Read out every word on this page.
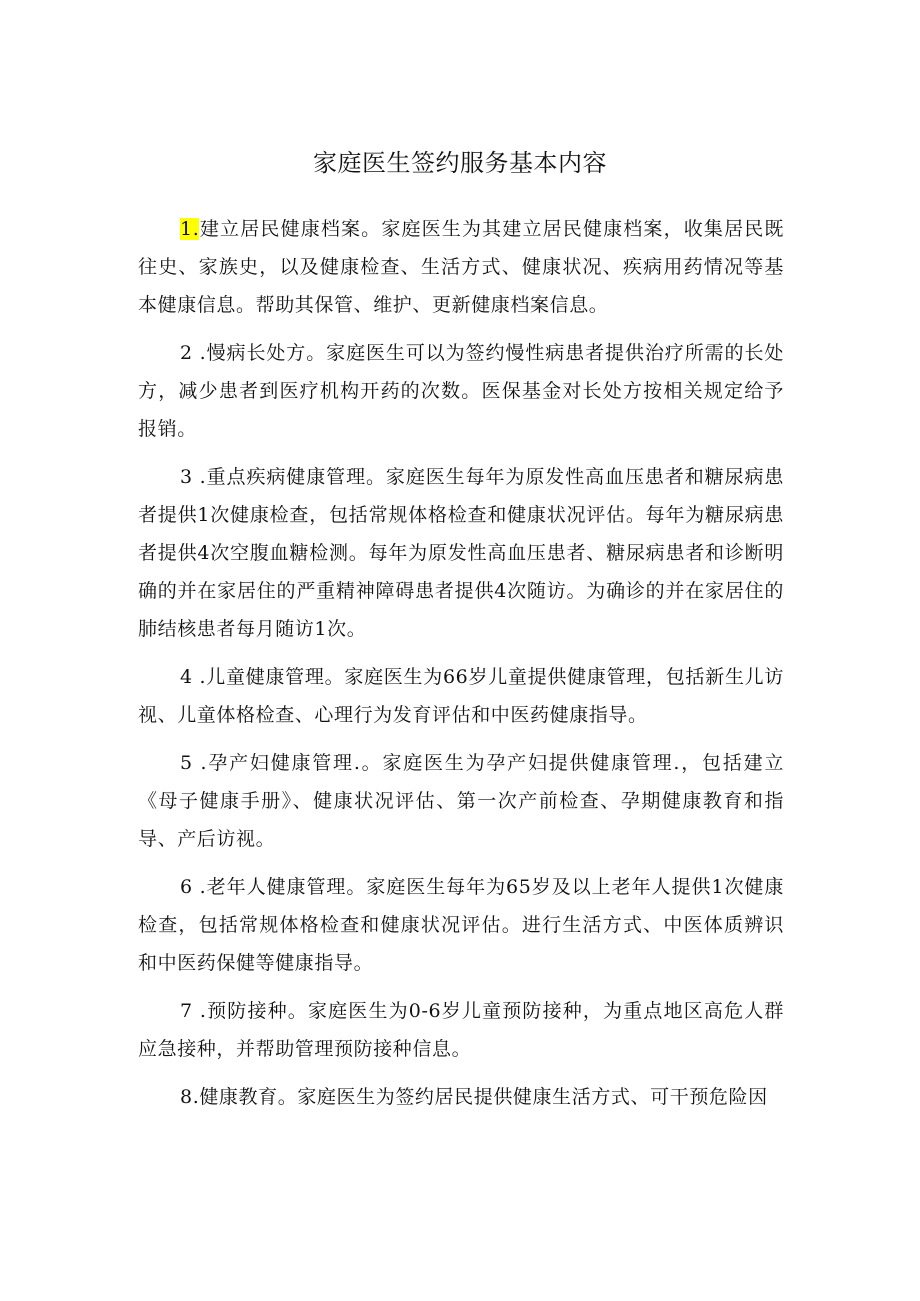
家庭医生签约服务基本内容

1.建立居民健康档案。家庭医生为其建立居民健康档案，收集居民既往史、家族史，以及健康检查、生活方式、健康状况、疾病用药情况等基本健康信息。帮助其保管、维护、更新健康档案信息。

2 .慢病长处方。家庭医生可以为签约慢性病患者提供治疗所需的长处方，减少患者到医疗机构开药的次数。医保基金对长处方按相关规定给予报销。

3 .重点疾病健康管理。家庭医生每年为原发性高血压患者和糖尿病患者提供1次健康检查，包括常规体格检查和健康状况评估。每年为糖尿病患者提供4次空腹血糖检测。每年为原发性高血压患者、糖尿病患者和诊断明确的并在家居住的严重精神障碍患者提供4次随访。为确诊的并在家居住的肺结核患者每月随访1次。

4 .儿童健康管理。家庭医生为66岁儿童提供健康管理，包括新生儿访视、儿童体格检查、心理行为发育评估和中医药健康指导。

5 .孕产妇健康管理.。家庭医生为孕产妇提供健康管理.，包括建立《母子健康手册》、健康状况评估、第一次产前检查、孕期健康教育和指导、产后访视。

6 .老年人健康管理。家庭医生每年为65岁及以上老年人提供1次健康检查，包括常规体格检查和健康状况评估。进行生活方式、中医体质辨识和中医药保健等健康指导。

7 .预防接种。家庭医生为0-6岁儿童预防接种，为重点地区高危人群应急接种，并帮助管理预防接种信息。

8.健康教育。家庭医生为签约居民提供健康生活方式、可干预危险因
